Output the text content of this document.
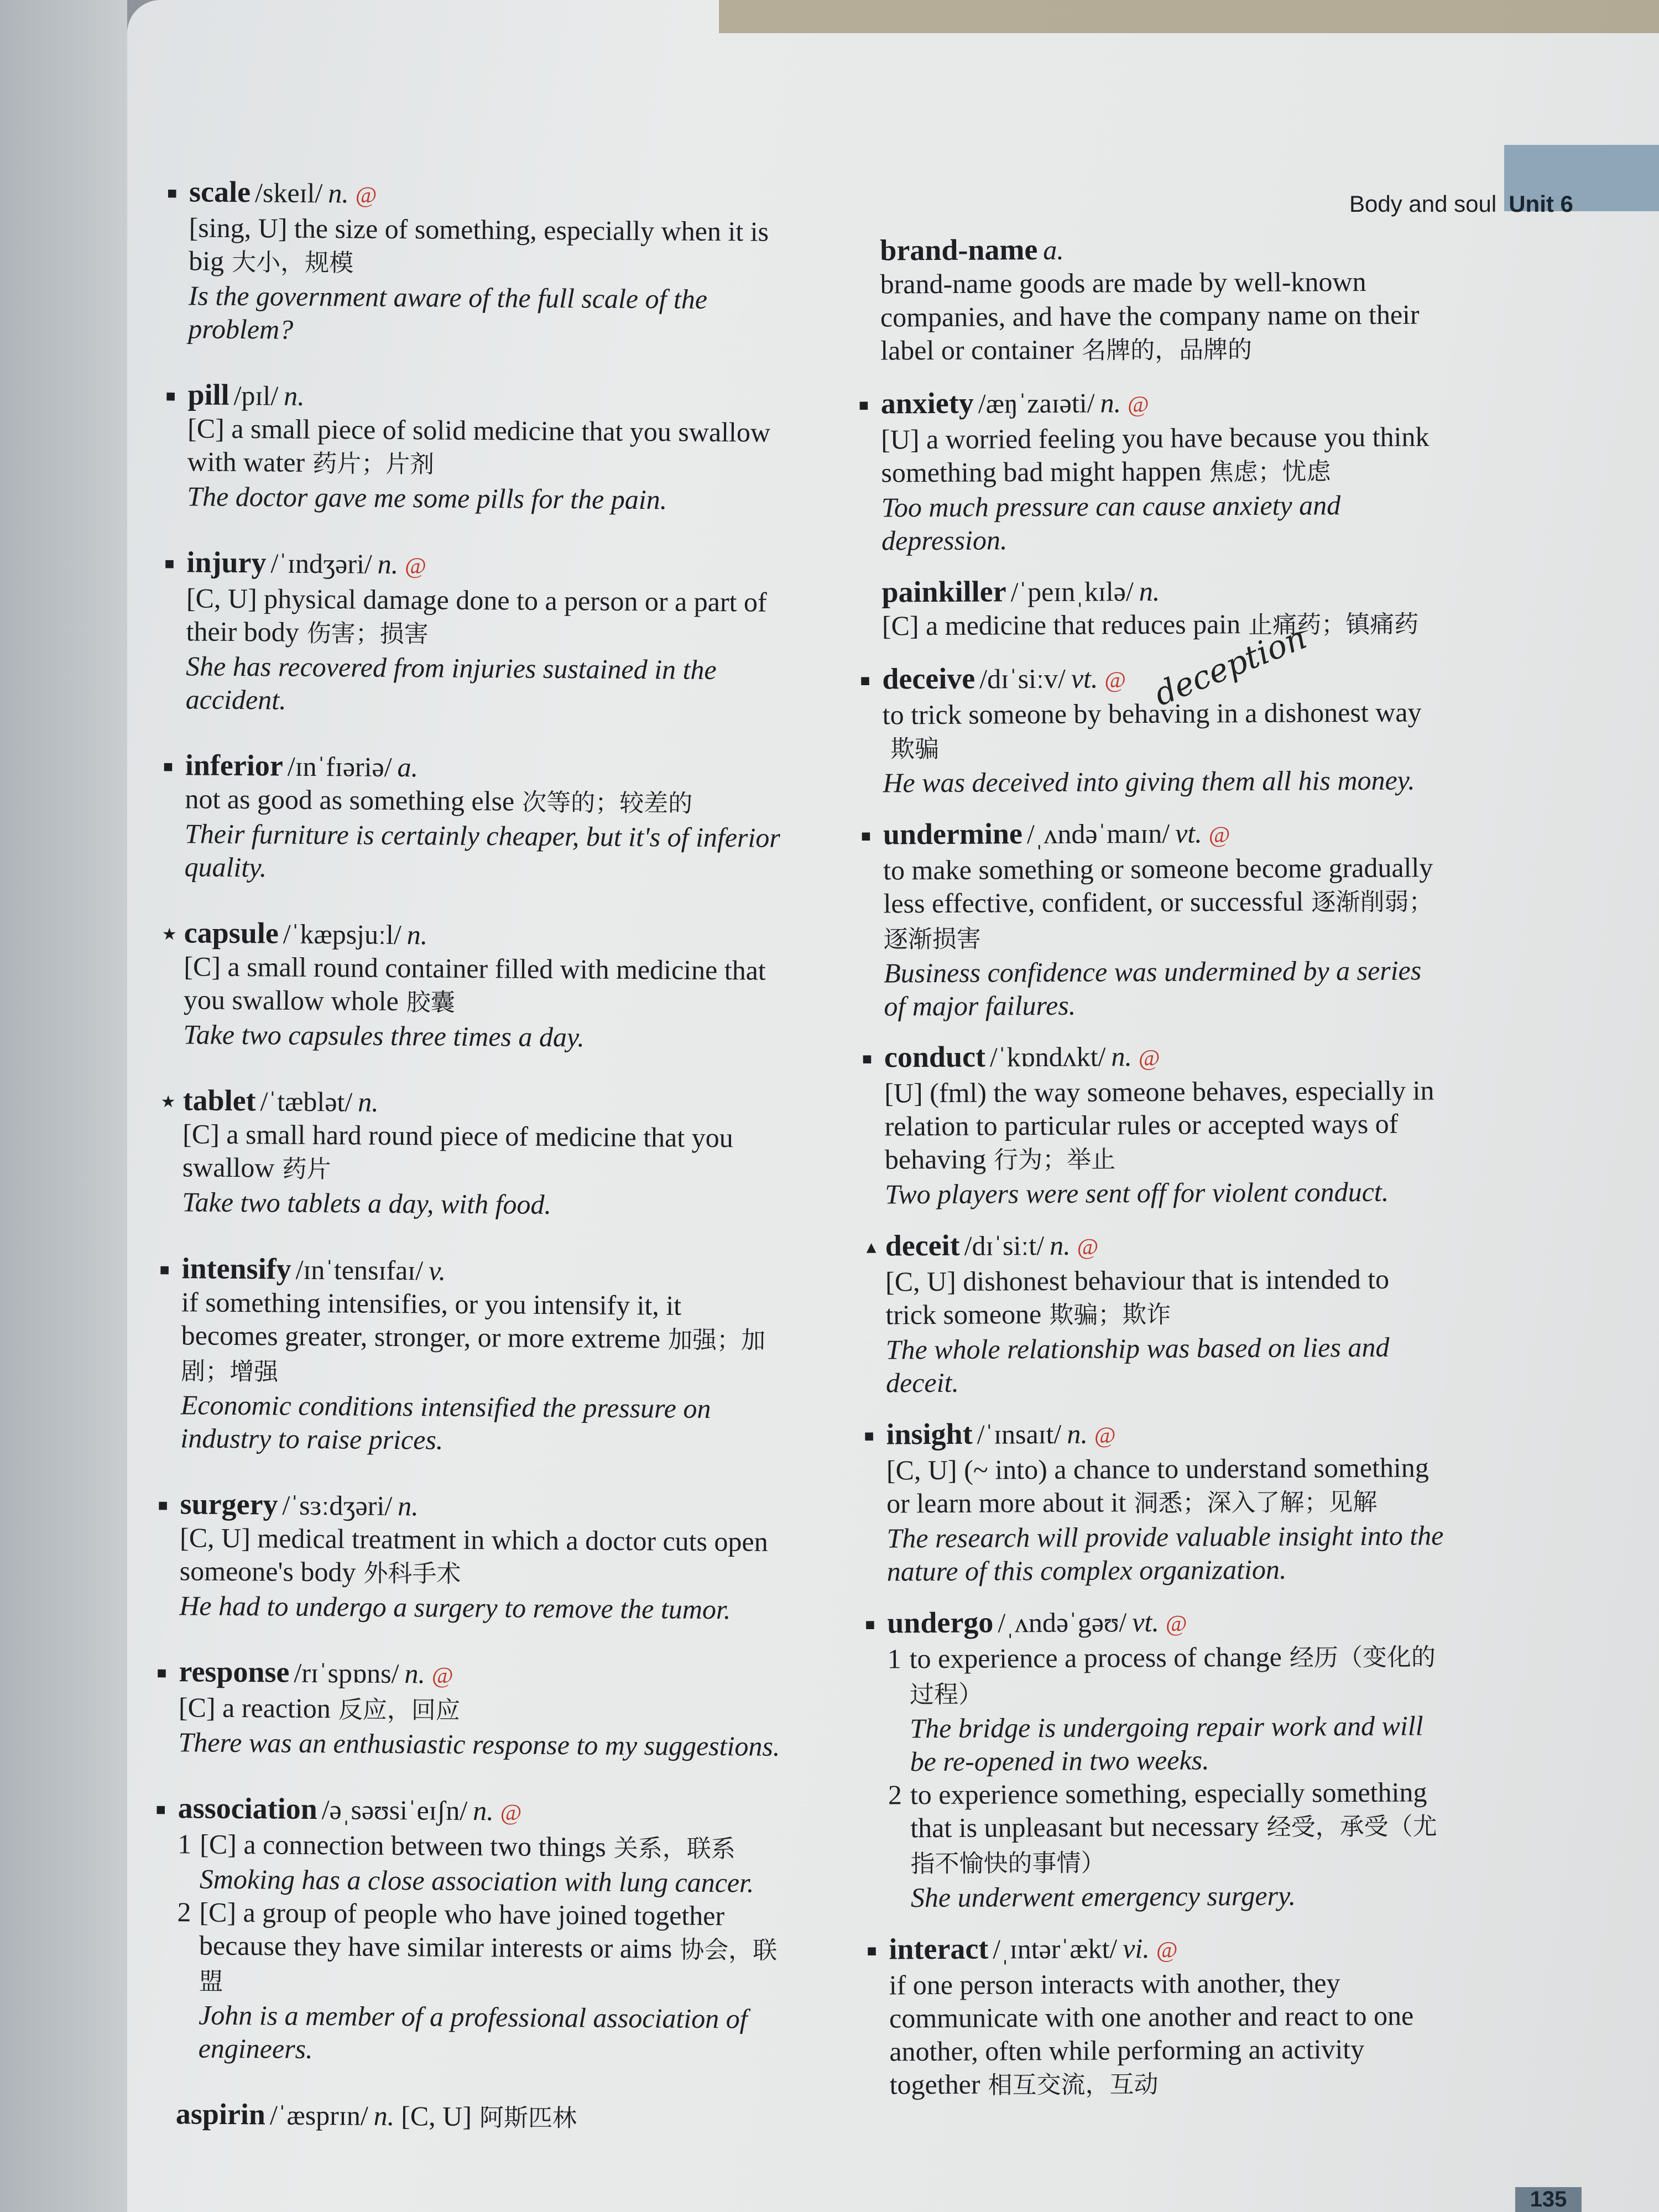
Body and soul Unit 6
■ scale /skeɪl/ n. @
[sing, U] the size of something, especially when it is big 大小，规模
Is the government aware of the full scale of the problem?
■ pill /pɪl/ n.
[C] a small piece of solid medicine that you swallow with water 药片；片剂
The doctor gave me some pills for the pain.
■ injury /ˈɪndʒəri/ n. @
[C, U] physical damage done to a person or a part of their body 伤害；损害
She has recovered from injuries sustained in the accident.
■ inferior /ɪnˈfɪəriə/ a.
not as good as something else 次等的；较差的
Their furniture is certainly cheaper, but it's of inferior quality.
★ capsule /ˈkæpsjuːl/ n.
[C] a small round container filled with medicine that you swallow whole 胶囊
Take two capsules three times a day.
★ tablet /ˈtæblət/ n.
[C] a small hard round piece of medicine that you swallow 药片
Take two tablets a day, with food.
■ intensify /ɪnˈtensɪfaɪ/ v.
if something intensifies, or you intensify it, it becomes greater, stronger, or more extreme 加强；加剧；增强
Economic conditions intensified the pressure on industry to raise prices.
■ surgery /ˈsɜːdʒəri/ n.
[C, U] medical treatment in which a doctor cuts open someone's body 外科手术
He had to undergo a surgery to remove the tumor.
■ response /rɪˈspɒns/ n. @
[C] a reaction 反应，回应
There was an enthusiastic response to my suggestions.
■ association /əˌsəʊsiˈeɪʃn/ n. @
1 [C] a connection between two things 关系，联系
Smoking has a close association with lung cancer.
2 [C] a group of people who have joined together because they have similar interests or aims 协会，联盟
John is a member of a professional association of engineers.
aspirin /ˈæsprɪn/ n. [C, U] 阿斯匹林
brand-name a.
brand-name goods are made by well-known companies, and have the company name on their label or container 名牌的，品牌的
■ anxiety /æŋˈzaɪəti/ n. @
[U] a worried feeling you have because you think something bad might happen 焦虑；忧虑
Too much pressure can cause anxiety and depression.
painkiller /ˈpeɪnˌkɪlə/ n.
[C] a medicine that reduces pain 止痛药；镇痛药
■ deceive /dɪˈsiːv/ vt. @
to trick someone by behaving in a dishonest way欺骗
He was deceived into giving them all his money.
■ undermine /ˌʌndəˈmaɪn/ vt. @
to make something or someone become gradually less effective, confident, or successful 逐渐削弱；逐渐损害
Business confidence was undermined by a series of major failures.
■ conduct /ˈkɒndʌkt/ n. @
[U] (fml) the way someone behaves, especially in relation to particular rules or accepted ways of behaving 行为；举止
Two players were sent off for violent conduct.
▲ deceit /dɪˈsiːt/ n. @
[C, U] dishonest behaviour that is intended to trick someone 欺骗；欺诈
The whole relationship was based on lies and deceit.
■ insight /ˈɪnsaɪt/ n. @
[C, U] (~ into) a chance to understand something or learn more about it 洞悉；深入了解；见解
The research will provide valuable insight into the nature of this complex organization.
■ undergo /ˌʌndəˈgəʊ/ vt. @
1 to experience a process of change 经历（变化的过程）
The bridge is undergoing repair work and will be re-opened in two weeks.
2 to experience something, especially something that is unpleasant but necessary 经受，承受（尤指不愉快的事情）
She underwent emergency surgery.
■ interact /ˌɪntərˈækt/ vi. @
if one person interacts with another, they communicate with one another and react to one another, often while performing an activity together 相互交流，互动
deception
135
